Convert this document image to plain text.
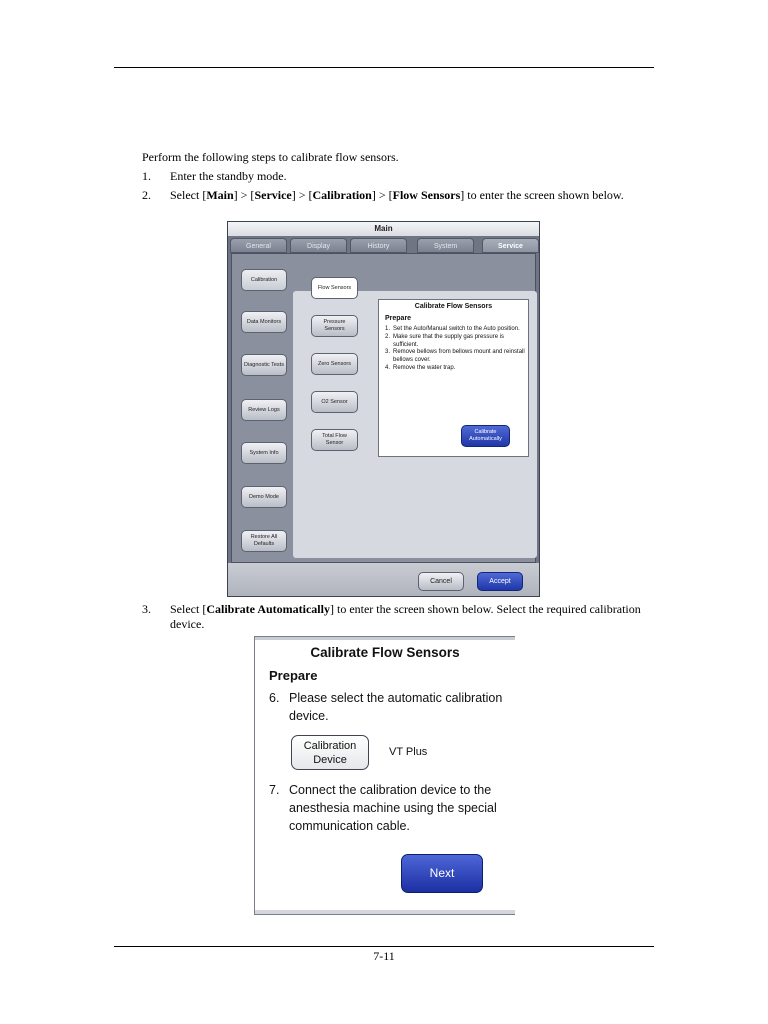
Perform the following steps to calibrate flow sensors.
1.	Enter the standby mode.
2.	Select [Main] > [Service] > [Calibration] > [Flow Sensors] to enter the screen shown below.
Main
General	Display	History	System	Service
Calibration
Data Monitors
Diagnostic Tests
Review Logs
System Info
Demo Mode
Restore All Defaults
Flow Sensors
Pressure Sensors
Zero Sensors
O2 Sensor
Total Flow Sensor
Calibrate Flow Sensors
Prepare
1. Set the Auto/Manual switch to the Auto position.
2. Make sure that the supply gas pressure is sufficient.
3. Remove bellows from bellows mount and reinstall bellows cover.
4. Remove the water trap.
Calibrate Automatically
Cancel	Accept
3.	Select [Calibrate Automatically] to enter the screen shown below. Select the required calibration device.
Calibrate Flow Sensors
Prepare
6. Please select the automatic calibration device.
Calibration Device
VT Plus
7. Connect the calibration device to the anesthesia machine using the special communication cable.
Next
7-11
